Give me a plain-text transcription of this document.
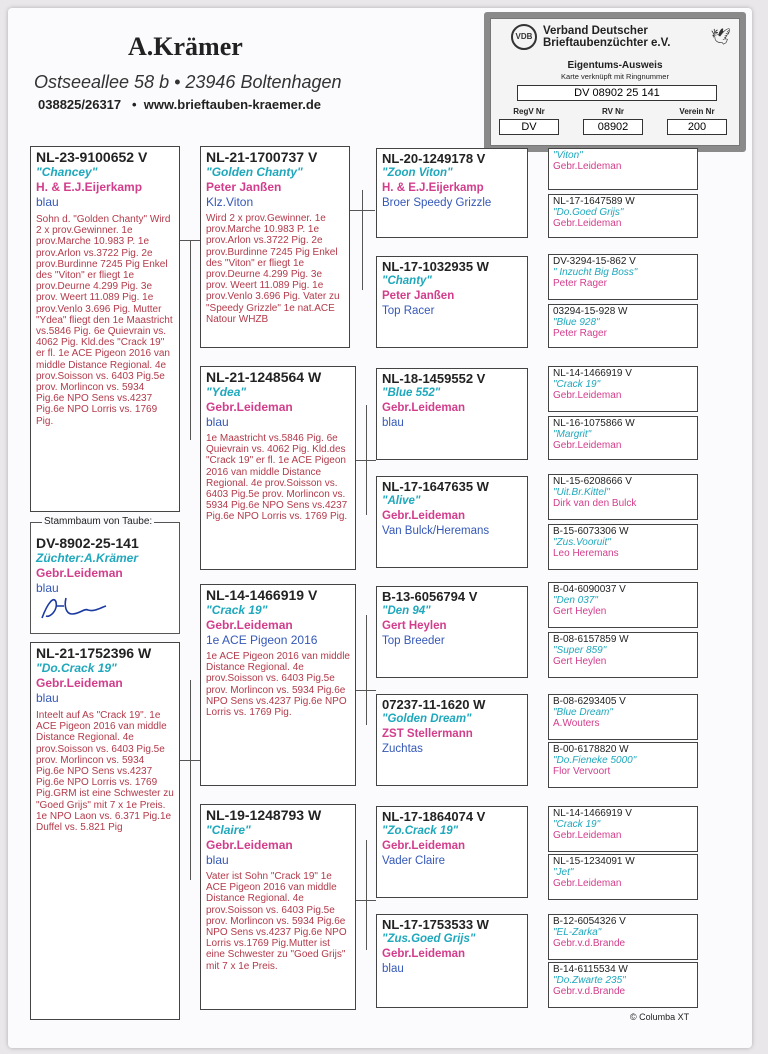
A.Krämer
Ostseeallee 58 b • 23946 Boltenhagen
038825/26317 • www.brieftauben-kraemer.de
VDB Verband Deutscher
Brieftaubenzüchter e.V.	🕊
Eigentums-Ausweis
Karte verknüpft mit Ringnummer
DV 08902 25 141
RegV Nr	RV Nr	Verein Nr
DV	08902	200
NL-23-9100652 V
"Chancey"
H. & E.J.Eijerkamp
blau
Sohn d. "Golden Chanty" Wird 2 x prov.Gewinner. 1e prov.Marche 10.983 P. 1e prov.Arlon vs.3722 Pig. 2e prov.Burdinne 7245 Pig Enkel des "Viton" er fliegt 1e prov.Deurne 4.299 Pig. 3e prov. Weert 11.089 Pig. 1e prov.Venlo 3.696 Pig. Mutter "Ydea" fliegt den 1e Maastricht vs.5846 Pig. 6e Quievrain vs. 4062 Pig. Kld.des "Crack 19" er fl. 1e ACE Pigeon 2016 van middle Distance Regional. 4e prov.Soisson vs. 6403 Pig.5e prov. Morlincon vs. 5934 Pig.6e NPO Sens vs.4237 Pig.6e NPO Lorris vs. 1769 Pig.
DV-8902-25-141
Züchter:A.Krämer
Gebr.Leideman
blau
Stammbaum von Taube:
NL-21-1752396 W
"Do.Crack 19"
Gebr.Leideman
blau
Inteelt auf As "Crack 19". 1e ACE Pigeon 2016 van middle Distance Regional. 4e prov.Soisson vs. 6403 Pig.5e prov. Morlincon vs. 5934 Pig.6e NPO Sens vs.4237 Pig.6e NPO Lorris vs. 1769 Pig.GRM ist eine Schwester zu "Goed Grijs" mit 7 x 1e Preis. 1e NPO Laon vs. 6.371 Pig.1e Duffel vs. 5.821 Pig
NL-21-1700737 V
"Golden Chanty"
Peter Janßen
Klz.Viton
Wird 2 x prov.Gewinner. 1e prov.Marche 10.983 P. 1e prov.Arlon vs.3722 Pig. 2e prov.Burdinne 7245 Pig Enkel des "Viton" er fliegt 1e prov.Deurne 4.299 Pig. 3e prov. Weert 11.089 Pig. 1e prov.Venlo 3.696 Pig. Vater zu "Speedy Grizzle" 1e nat.ACE Natour WHZB
NL-21-1248564 W
"Ydea"
Gebr.Leideman
blau
1e Maastricht vs.5846 Pig. 6e Quievrain vs. 4062 Pig. Kld.des "Crack 19" er fl. 1e ACE Pigeon 2016 van middle Distance Regional. 4e prov.Soisson vs. 6403 Pig.5e prov. Morlincon vs. 5934 Pig.6e NPO Sens vs.4237 Pig.6e NPO Lorris vs. 1769 Pig.
NL-14-1466919 V
"Crack 19"
Gebr.Leideman
1e ACE Pigeon 2016
1e ACE Pigeon 2016 van middle Distance Regional. 4e prov.Soisson vs. 6403 Pig.5e prov. Morlincon vs. 5934 Pig.6e NPO Sens vs.4237 Pig.6e NPO Lorris vs. 1769 Pig.
NL-19-1248793 W
"Claire"
Gebr.Leideman
blau
Vater ist Sohn "Crack 19" 1e ACE Pigeon 2016 van middle Distance Regional. 4e prov.Soisson vs. 6403 Pig.5e prov. Morlincon vs. 5934 Pig.6e NPO Sens vs.4237 Pig.6e NPO Lorris vs.1769 Pig.Mutter ist eine Schwester zu "Goed Grijs" mit 7 x 1e Preis.
NL-20-1249178 V
"Zoon Viton"
H. & E.J.Eijerkamp
Broer Speedy Grizzle
NL-17-1032935 W
"Chanty"
Peter Janßen
Top Racer
NL-18-1459552 V
"Blue 552"
Gebr.Leideman
blau
NL-17-1647635 W
"Alive"
Gebr.Leideman
Van Bulck/Heremans
B-13-6056794 V
"Den 94"
Gert Heylen
Top Breeder
07237-11-1620 W
"Golden Dream"
ZST Stellermann
Zuchtas
NL-17-1864074 V
"Zo.Crack 19"
Gebr.Leideman
Vader Claire
NL-17-1753533 W
"Zus.Goed Grijs"
Gebr.Leideman
blau
"Viton"
Gebr.Leideman
NL-17-1647589 W
"Do.Goed Grijs"
Gebr.Leideman
DV-3294-15-862 V
" Inzucht Big Boss"
Peter Rager
03294-15-928 W
"Blue 928"
Peter Rager
NL-14-1466919 V
"Crack 19"
Gebr.Leideman
NL-16-1075866 W
"Margrit"
Gebr.Leideman
NL-15-6208666 V
"Uit.Br.Kittel"
Dirk van den Bulck
B-15-6073306 W
"Zus.Vooruit"
Leo Heremans
B-04-6090037 V
"Den 037"
Gert Heylen
B-08-6157859 W
"Super 859"
Gert Heylen
B-08-6293405 V
"Blue Dream"
A.Wouters
B-00-6178820 W
"Do.Fieneke 5000"
Flor Vervoort
NL-14-1466919 V
"Crack 19"
Gebr.Leideman
NL-15-1234091 W
"Jet"
Gebr.Leideman
B-12-6054326 V
"EL-Zarka"
Gebr.v.d.Brande
B-14-6115534 W
"Do.Zwarte 235"
Gebr.v.d.Brande
© Columba XT
